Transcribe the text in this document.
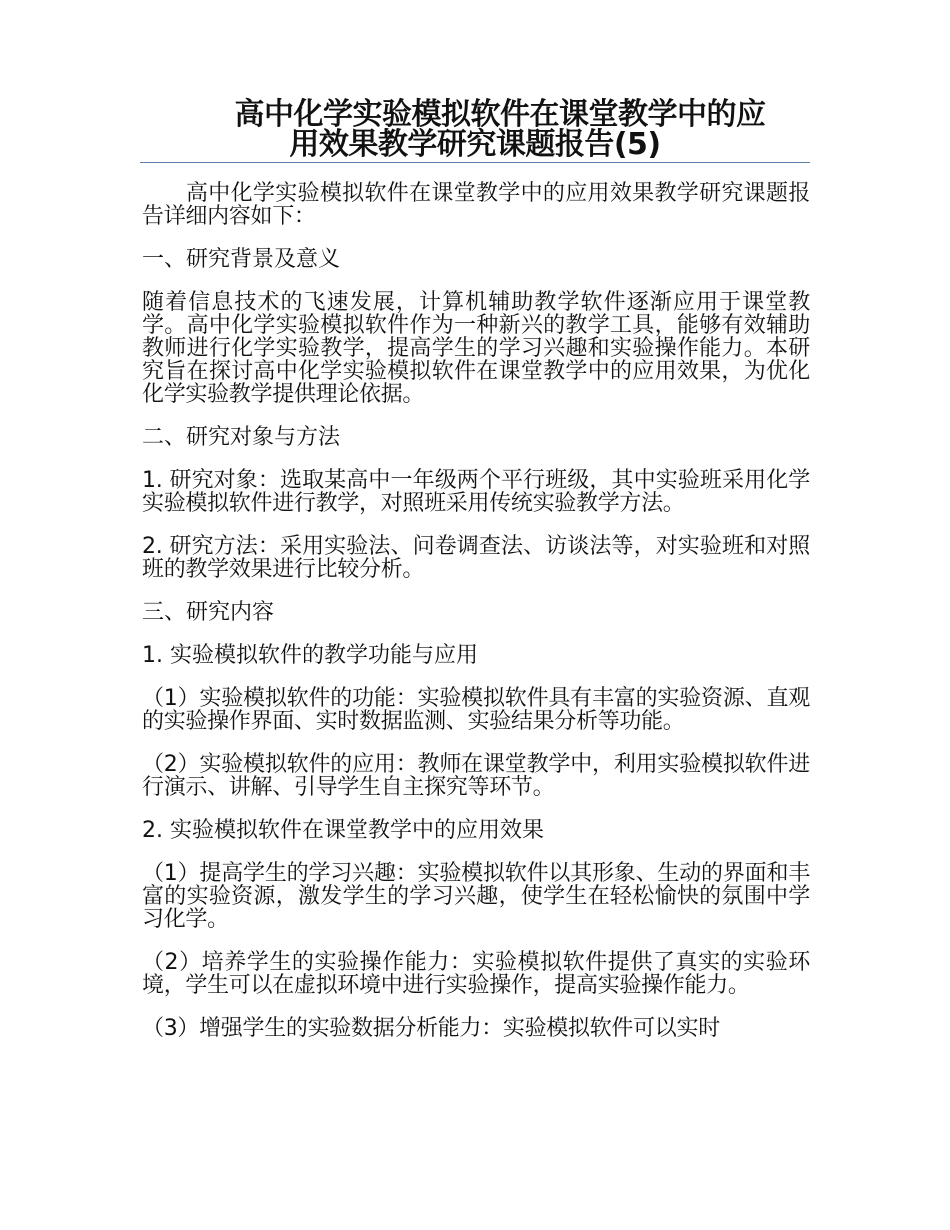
高中化学实验模拟软件在课堂教学中的应
用效果教学研究课题报告(5)

高中化学实验模拟软件在课堂教学中的应用效果教学研究课题报告详细内容如下：

一、研究背景及意义

随着信息技术的飞速发展，计算机辅助教学软件逐渐应用于课堂教学。高中化学实验模拟软件作为一种新兴的教学工具，能够有效辅助教师进行化学实验教学，提高学生的学习兴趣和实验操作能力。本研究旨在探讨高中化学实验模拟软件在课堂教学中的应用效果，为优化化学实验教学提供理论依据。

二、研究对象与方法

1. 研究对象：选取某高中一年级两个平行班级，其中实验班采用化学实验模拟软件进行教学，对照班采用传统实验教学方法。

2. 研究方法：采用实验法、问卷调查法、访谈法等，对实验班和对照班的教学效果进行比较分析。

三、研究内容

1. 实验模拟软件的教学功能与应用

（1）实验模拟软件的功能：实验模拟软件具有丰富的实验资源、直观的实验操作界面、实时数据监测、实验结果分析等功能。

（2）实验模拟软件的应用：教师在课堂教学中，利用实验模拟软件进行演示、讲解、引导学生自主探究等环节。

2. 实验模拟软件在课堂教学中的应用效果

（1）提高学生的学习兴趣：实验模拟软件以其形象、生动的界面和丰富的实验资源，激发学生的学习兴趣，使学生在轻松愉快的氛围中学习化学。

（2）培养学生的实验操作能力：实验模拟软件提供了真实的实验环境，学生可以在虚拟环境中进行实验操作，提高实验操作能力。

（3）增强学生的实验数据分析能力：实验模拟软件可以实时
